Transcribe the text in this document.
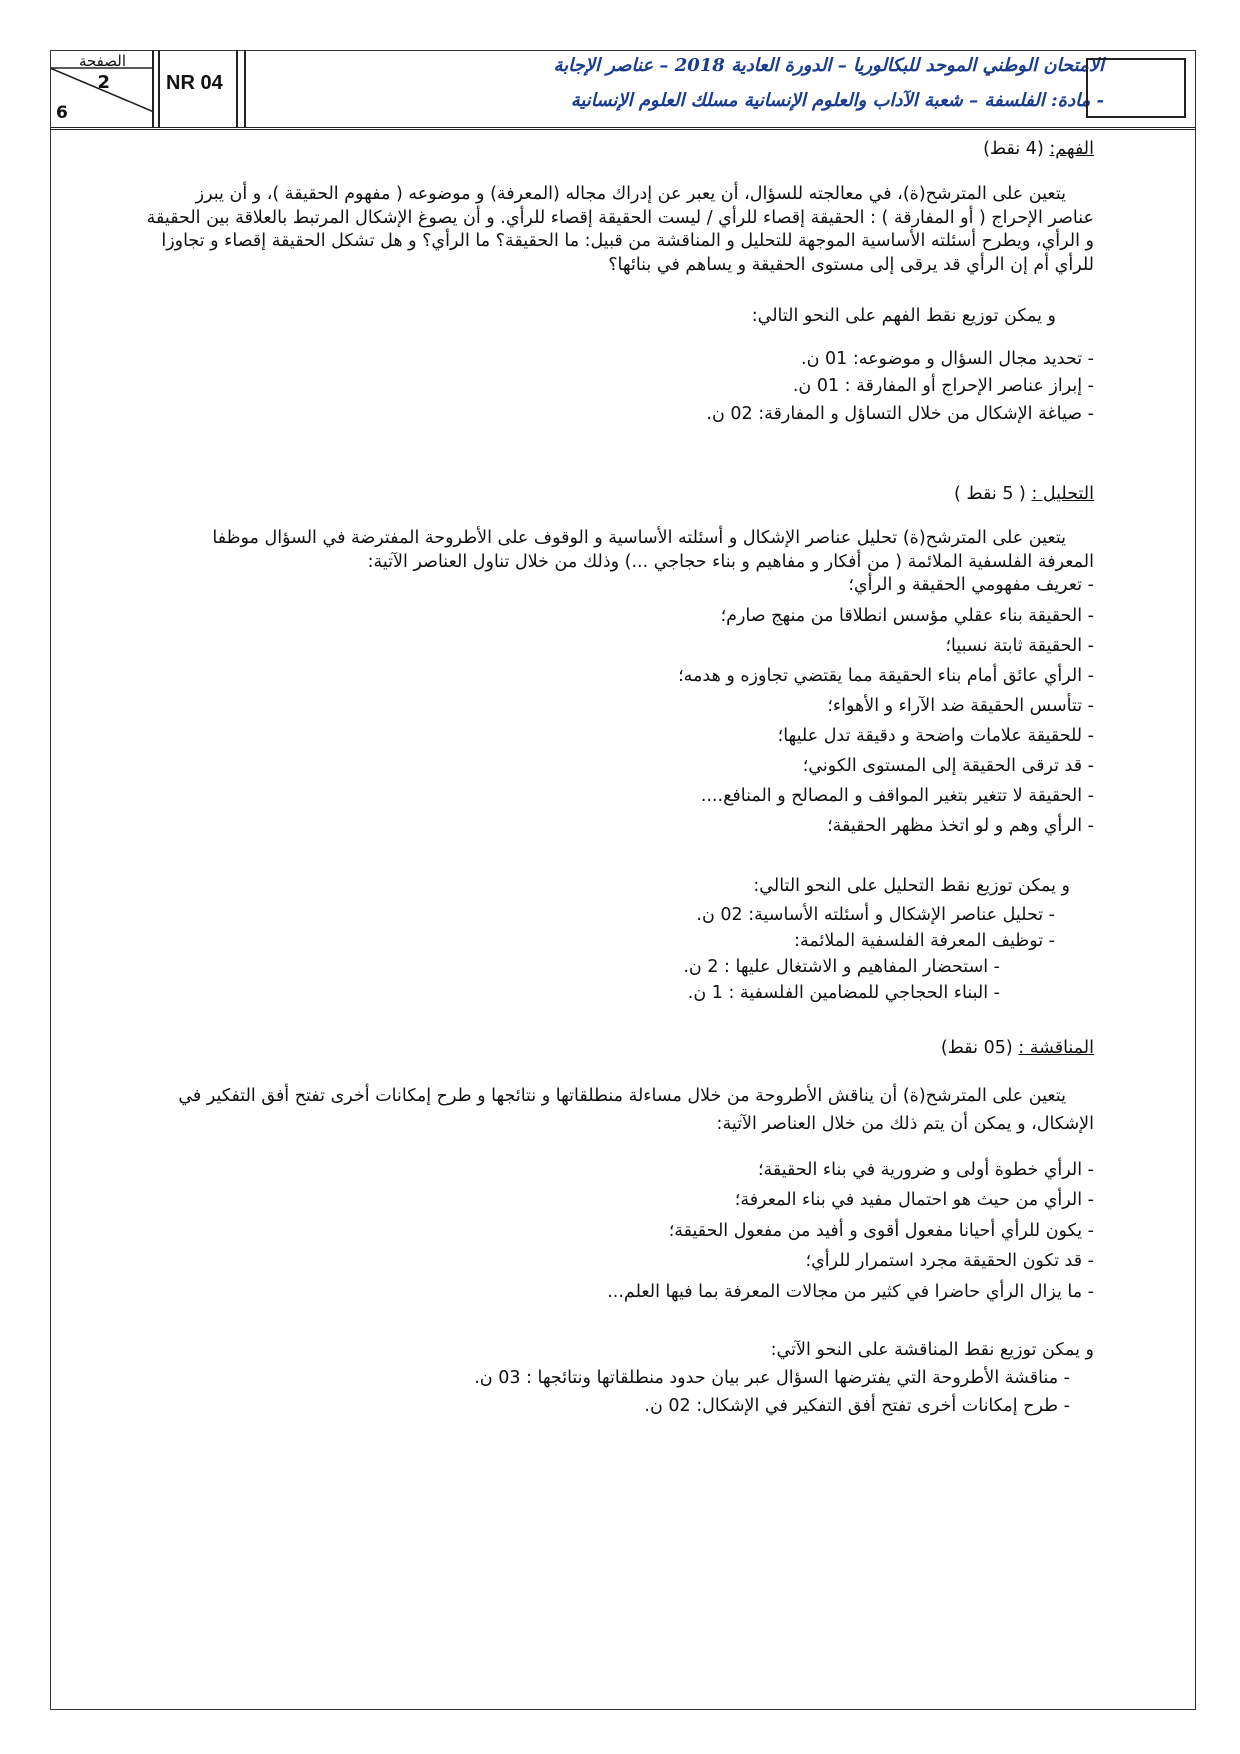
الصفحة
2
6
NR 04
الامتحان الوطني الموحد للبكالوريا – الدورة العادية 2018 – عناصر الإجابة
- مادة: الفلسفة – شعبة الآداب والعلوم الإنسانية مسلك العلوم الإنسانية
الفهم: (4 نقط)
يتعين على المترشح(ة)، في معالجته للسؤال، أن يعبر عن إدراك مجاله (المعرفة) و موضوعه ( مفهوم الحقيقة )، و أن يبرز
عناصر الإحراج ( أو المفارقة ) : الحقيقة إقصاء للرأي / ليست الحقيقة إقصاء للرأي. و أن يصوغ الإشكال المرتبط بالعلاقة بين الحقيقة
و الرأي، ويطرح أسئلته الأساسية الموجهة للتحليل و المناقشة من قبيل: ما الحقيقة؟ ما الرأي؟ و هل تشكل الحقيقة إقصاء و تجاوزا
للرأي أم إن الرأي قد يرقى إلى مستوى الحقيقة و يساهم في بنائها؟
و يمكن توزيع نقط الفهم على النحو التالي:
- تحديد مجال السؤال و موضوعه: 01 ن.
- إبراز عناصر الإحراج أو المفارقة : 01 ن.
- صياغة الإشكال من خلال التساؤل و المفارقة: 02 ن.
التحليل : ( 5 نقط )
يتعين على المترشح(ة) تحليل عناصر الإشكال و أسئلته الأساسية و الوقوف على الأطروحة المفترضة في السؤال موظفا
المعرفة الفلسفية الملائمة ( من أفكار و مفاهيم و بناء حجاجي ...) وذلك من خلال تناول العناصر الآتية:
- تعريف مفهومي الحقيقة و الرأي؛
- الحقيقة بناء عقلي مؤسس انطلاقا من منهج صارم؛
- الحقيقة ثابتة نسبيا؛
- الرأي عائق أمام بناء الحقيقة مما يقتضي تجاوزه و هدمه؛
- تتأسس الحقيقة ضد الآراء و الأهواء؛
- للحقيقة علامات واضحة و دقيقة تدل عليها؛
- قد ترقى الحقيقة إلى المستوى الكوني؛
- الحقيقة لا تتغير بتغير المواقف و المصالح و المنافع....
- الرأي وهم و لو اتخذ مظهر الحقيقة؛
و يمكن توزيع نقط التحليل على النحو التالي:
- تحليل عناصر الإشكال و أسئلته الأساسية: 02 ن.
- توظيف المعرفة الفلسفية الملائمة:
- استحضار المفاهيم و الاشتغال عليها : 2 ن.
- البناء الحجاجي للمضامين الفلسفية : 1 ن.
المناقشة : (05 نقط)
يتعين على المترشح(ة) أن يناقش الأطروحة من خلال مساءلة منطلقاتها و نتائجها و طرح إمكانات أخرى تفتح أفق التفكير في
الإشكال، و يمكن أن يتم ذلك من خلال العناصر الآتية:
- الرأي خطوة أولى و ضرورية في بناء الحقيقة؛
- الرأي من حيث هو احتمال مفيد في بناء المعرفة؛
- يكون للرأي أحيانا مفعول أقوى و أفيد من مفعول الحقيقة؛
- قد تكون الحقيقة مجرد استمرار للرأي؛
- ما يزال الرأي حاضرا في كثير من مجالات المعرفة بما فيها العلم...
و يمكن توزيع نقط المناقشة على النحو الآتي:
- مناقشة الأطروحة التي يفترضها السؤال عبر بيان حدود منطلقاتها ونتائجها : 03 ن.
- طرح إمكانات أخرى تفتح أفق التفكير في الإشكال: 02 ن.
